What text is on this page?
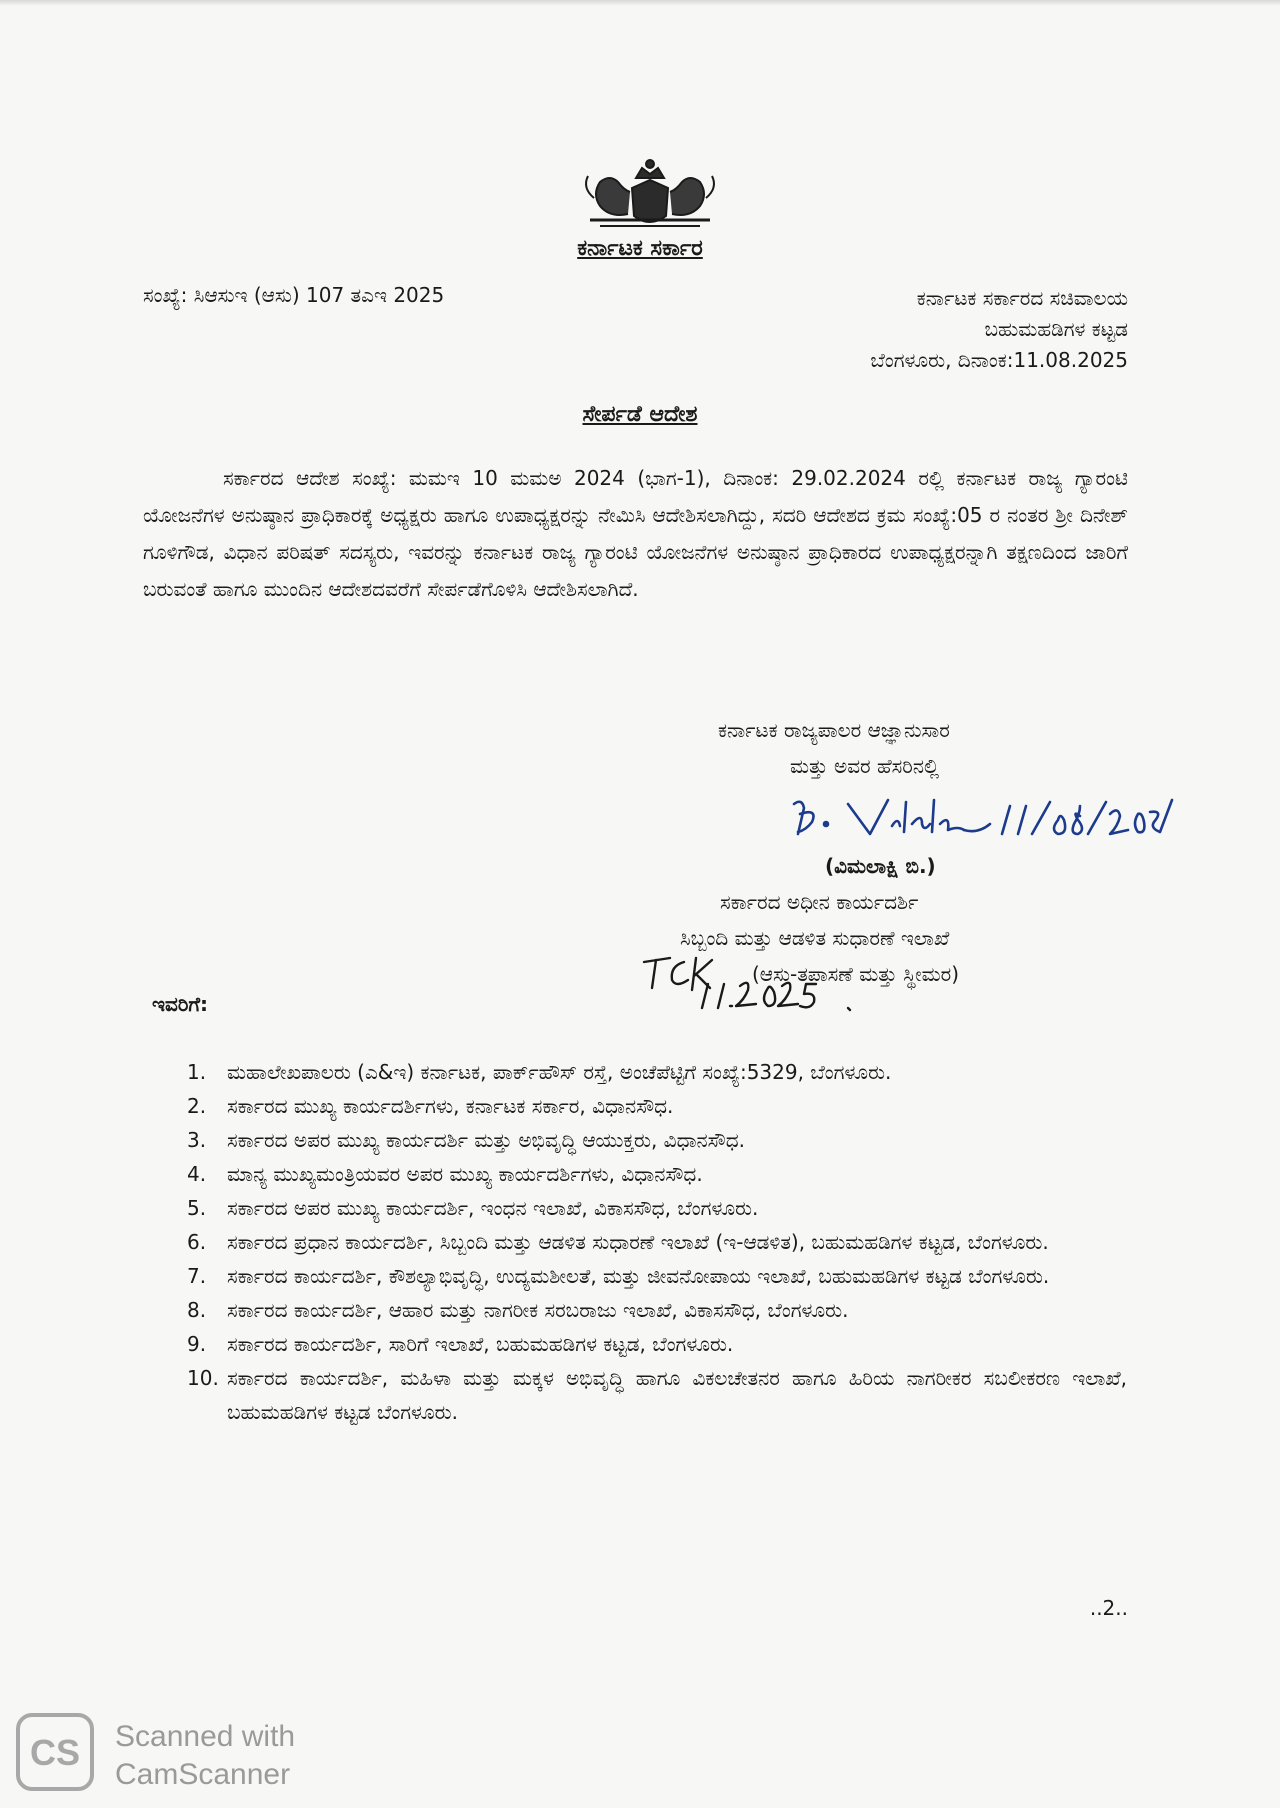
ಕರ್ನಾಟಕ ಸರ್ಕಾರ
ಸಂಖ್ಯೆ: ಸಿಆಸುಇ (ಆಸು) 107 ತಎಇ 2025	ಕರ್ನಾಟಕ ಸರ್ಕಾರದ ಸಚಿವಾಲಯ
ಬಹುಮಹಡಿಗಳ ಕಟ್ಟಡ
ಬೆಂಗಳೂರು, ದಿನಾಂಕ:11.08.2025
ಸೇರ್ಪಡೆ ಆದೇಶ

ಸರ್ಕಾರದ ಆದೇಶ ಸಂಖ್ಯೆ: ಮಮಇ 10 ಮಮಅ 2024 (ಭಾಗ-1), ದಿನಾಂಕ: 29.02.2024 ರಲ್ಲಿ ಕರ್ನಾಟಕ ರಾಜ್ಯ ಗ್ಯಾರಂಟಿ ಯೋಜನೆಗಳ ಅನುಷ್ಠಾನ ಪ್ರಾಧಿಕಾರಕ್ಕೆ ಅಧ್ಯಕ್ಷರು ಹಾಗೂ ಉಪಾಧ್ಯಕ್ಷರನ್ನು ನೇಮಿಸಿ ಆದೇಶಿಸಲಾಗಿದ್ದು, ಸದರಿ ಆದೇಶದ ಕ್ರಮ ಸಂಖ್ಯೆ:05 ರ ನಂತರ ಶ್ರೀ ದಿನೇಶ್ ಗೂಳಿಗೌಡ, ವಿಧಾನ ಪರಿಷತ್ ಸದಸ್ಯರು, ಇವರನ್ನು ಕರ್ನಾಟಕ ರಾಜ್ಯ ಗ್ಯಾರಂಟಿ ಯೋಜನೆಗಳ ಅನುಷ್ಠಾನ ಪ್ರಾಧಿಕಾರದ ಉಪಾಧ್ಯಕ್ಷರನ್ನಾಗಿ ತಕ್ಷಣದಿಂದ ಜಾರಿಗೆ ಬರುವಂತೆ ಹಾಗೂ ಮುಂದಿನ ಆದೇಶದವರೆಗೆ ಸೇರ್ಪಡೆಗೊಳಿಸಿ ಆದೇಶಿಸಲಾಗಿದೆ.

ಕರ್ನಾಟಕ ರಾಜ್ಯಪಾಲರ ಆಜ್ಞಾನುಸಾರ
ಮತ್ತು ಅವರ ಹೆಸರಿನಲ್ಲಿ
(ವಿಮಲಾಕ್ಷಿ ಬಿ.)
ಸರ್ಕಾರದ ಅಧೀನ ಕಾರ್ಯದರ್ಶಿ
ಸಿಬ್ಬಂದಿ ಮತ್ತು ಆಡಳಿತ ಸುಧಾರಣೆ ಇಲಾಖೆ
(ಆಸು-ತಪಾಸಣೆ ಮತ್ತು ಸ್ಥೀಮರ)
ಇವರಿಗೆ:
1.	ಮಹಾಲೇಖಪಾಲರು (ಎ&ಇ) ಕರ್ನಾಟಕ, ಪಾರ್ಕ್‌ಹೌಸ್ ರಸ್ತೆ, ಅಂಚೆಪೆಟ್ಟಿಗೆ ಸಂಖ್ಯೆ:5329, ಬೆಂಗಳೂರು.
2.	ಸರ್ಕಾರದ ಮುಖ್ಯ ಕಾರ್ಯದರ್ಶಿಗಳು, ಕರ್ನಾಟಕ ಸರ್ಕಾರ, ವಿಧಾನಸೌಧ.
3.	ಸರ್ಕಾರದ ಅಪರ ಮುಖ್ಯ ಕಾರ್ಯದರ್ಶಿ ಮತ್ತು ಅಭಿವೃದ್ಧಿ ಆಯುಕ್ತರು, ವಿಧಾನಸೌಧ.
4.	ಮಾನ್ಯ ಮುಖ್ಯಮಂತ್ರಿಯವರ ಅಪರ ಮುಖ್ಯ ಕಾರ್ಯದರ್ಶಿಗಳು, ವಿಧಾನಸೌಧ.
5.	ಸರ್ಕಾರದ ಅಪರ ಮುಖ್ಯ ಕಾರ್ಯದರ್ಶಿ, ಇಂಧನ ಇಲಾಖೆ, ವಿಕಾಸಸೌಧ, ಬೆಂಗಳೂರು.
6.	ಸರ್ಕಾರದ ಪ್ರಧಾನ ಕಾರ್ಯದರ್ಶಿ, ಸಿಬ್ಬಂದಿ ಮತ್ತು ಆಡಳಿತ ಸುಧಾರಣೆ ಇಲಾಖೆ (ಇ-ಆಡಳಿತ), ಬಹುಮಹಡಿಗಳ ಕಟ್ಟಡ, ಬೆಂಗಳೂರು.
7.	ಸರ್ಕಾರದ ಕಾರ್ಯದರ್ಶಿ, ಕೌಶಲ್ಯಾಭಿವೃದ್ಧಿ, ಉದ್ಯಮಶೀಲತೆ, ಮತ್ತು ಜೀವನೋಪಾಯ ಇಲಾಖೆ, ಬಹುಮಹಡಿಗಳ ಕಟ್ಟಡ ಬೆಂಗಳೂರು.
8.	ಸರ್ಕಾರದ ಕಾರ್ಯದರ್ಶಿ, ಆಹಾರ ಮತ್ತು ನಾಗರೀಕ ಸರಬರಾಜು ಇಲಾಖೆ, ವಿಕಾಸಸೌಧ, ಬೆಂಗಳೂರು.
9.	ಸರ್ಕಾರದ ಕಾರ್ಯದರ್ಶಿ, ಸಾರಿಗೆ ಇಲಾಖೆ, ಬಹುಮಹಡಿಗಳ ಕಟ್ಟಡ, ಬೆಂಗಳೂರು.
10. ಸರ್ಕಾರದ ಕಾರ್ಯದರ್ಶಿ, ಮಹಿಳಾ ಮತ್ತು ಮಕ್ಕಳ ಅಭಿವೃದ್ಧಿ ಹಾಗೂ ವಿಕಲಚೇತನರ ಹಾಗೂ ಹಿರಿಯ ನಾಗರೀಕರ ಸಬಲೀಕರಣ ಇಲಾಖೆ, ಬಹುಮಹಡಿಗಳ ಕಟ್ಟಡ ಬೆಂಗಳೂರು.
..2..
CS Scanned with
CamScanner
